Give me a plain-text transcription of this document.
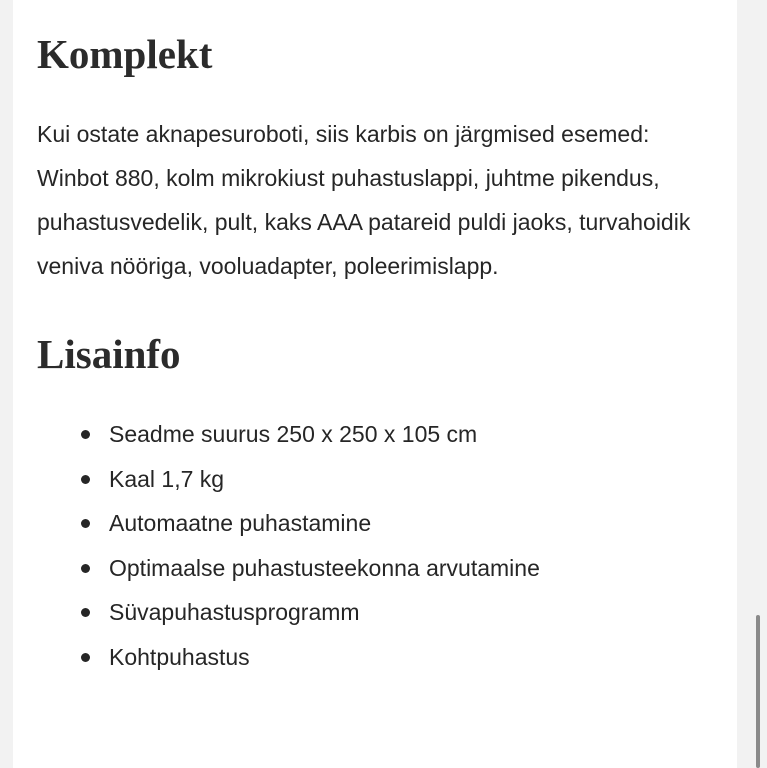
Komplekt

Kui ostate aknapesuroboti, siis karbis on järgmised esemed: Winbot 880, kolm mikrokiust puhastuslappi, juhtme pikendus, puhastusvedelik, pult, kaks AAA patareid puldi jaoks, turvahoidik veniva nööriga, vooluadapter, poleerimislapp.

Lisainfo
Seadme suurus 250 x 250 x 105 cm
Kaal 1,7 kg
Automaatne puhastamine
Optimaalse puhastusteekonna arvutamine
Süvapuhastusprogramm
Kohtpuhastus
